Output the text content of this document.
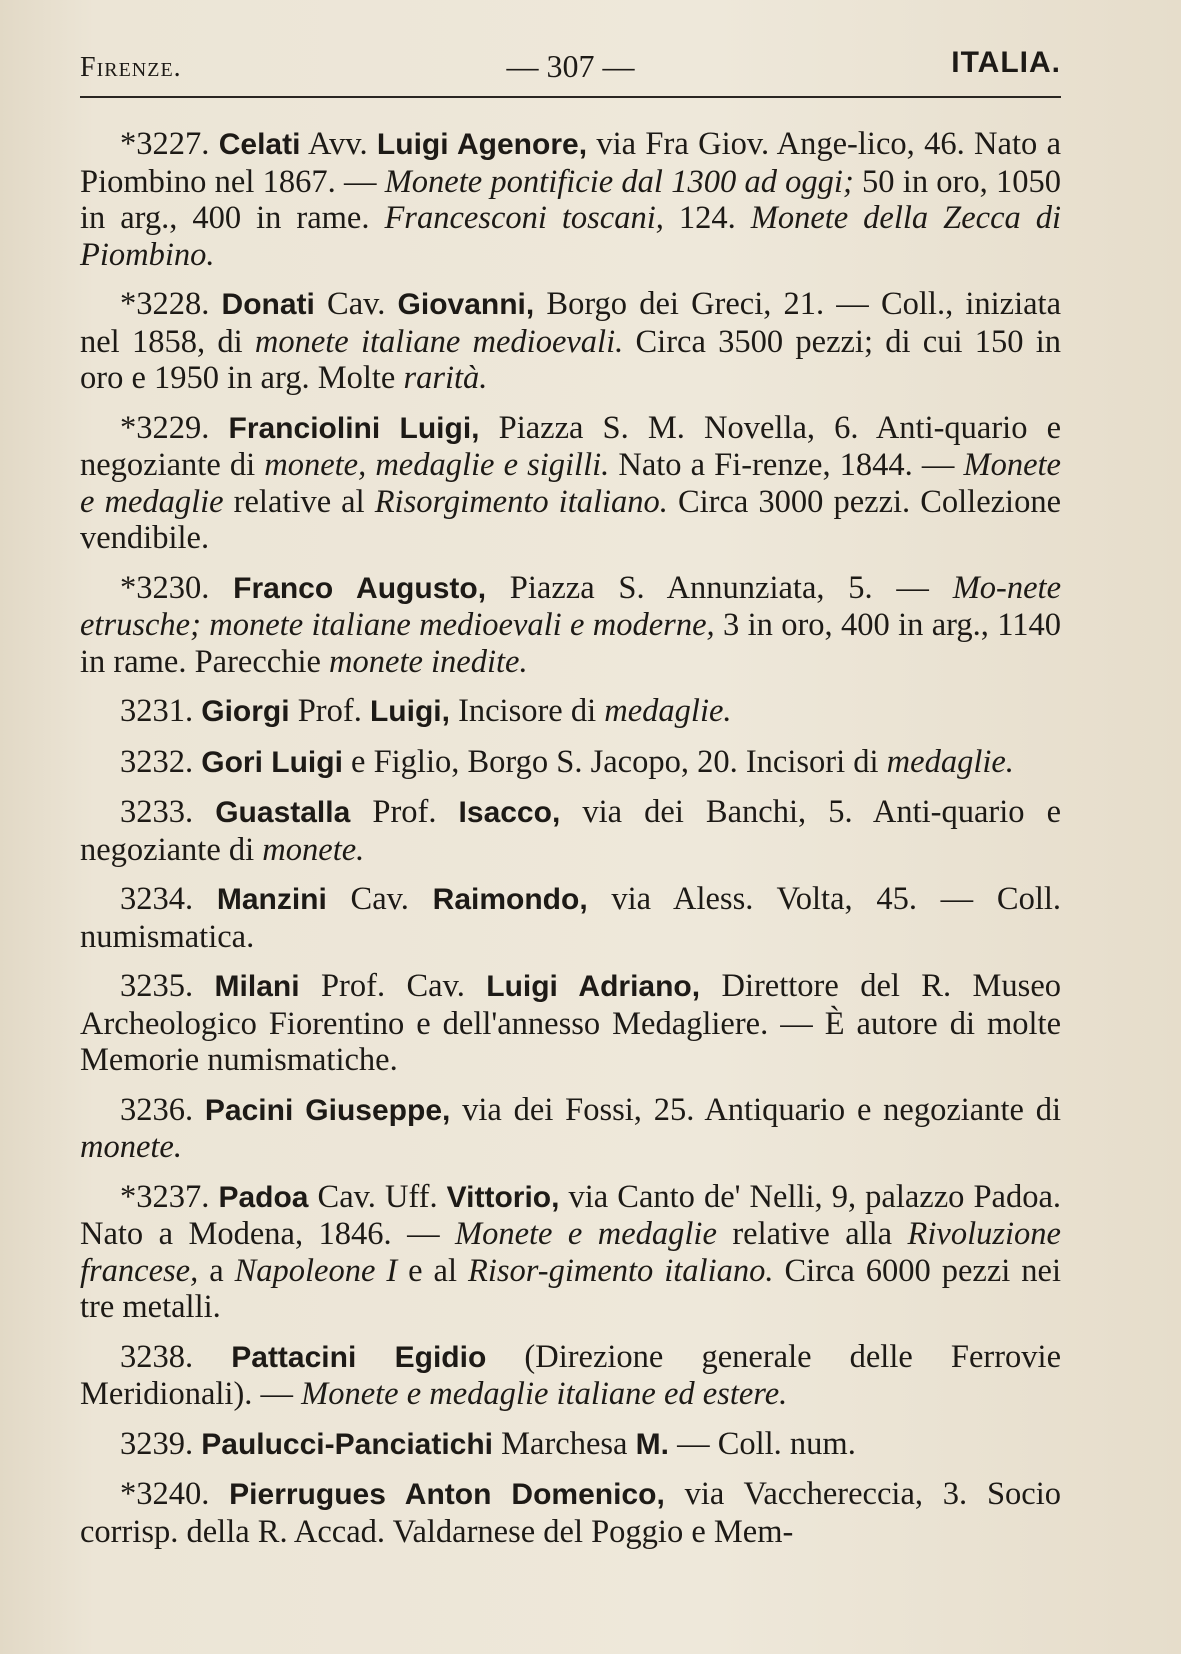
Firenze.	— 307 —	ITALIA.

*3227. Celati Avv. Luigi Agenore, via Fra Giov. Ange-lico, 46. Nato a Piombino nel 1867. — Monete pontificie dal 1300 ad oggi; 50 in oro, 1050 in arg., 400 in rame. Francesconi toscani, 124. Monete della Zecca di Piombino.

*3228. Donati Cav. Giovanni, Borgo dei Greci, 21. — Coll., iniziata nel 1858, di monete italiane medioevali. Circa 3500 pezzi; di cui 150 in oro e 1950 in arg. Molte rarità.

*3229. Franciolini Luigi, Piazza S. M. Novella, 6. Anti-quario e negoziante di monete, medaglie e sigilli. Nato a Fi-renze, 1844. — Monete e medaglie relative al Risorgimento italiano. Circa 3000 pezzi. Collezione vendibile.

*3230. Franco Augusto, Piazza S. Annunziata, 5. — Mo-nete etrusche; monete italiane medioevali e moderne, 3 in oro, 400 in arg., 1140 in rame. Parecchie monete inedite.

3231. Giorgi Prof. Luigi, Incisore di medaglie.

3232. Gori Luigi e Figlio, Borgo S. Jacopo, 20. Incisori di medaglie.

3233. Guastalla Prof. Isacco, via dei Banchi, 5. Anti-quario e negoziante di monete.

3234. Manzini Cav. Raimondo, via Aless. Volta, 45. — Coll. numismatica.

3235. Milani Prof. Cav. Luigi Adriano, Direttore del R. Museo Archeologico Fiorentino e dell'annesso Medagliere. — È autore di molte Memorie numismatiche.

3236. Pacini Giuseppe, via dei Fossi, 25. Antiquario e negoziante di monete.

*3237. Padoa Cav. Uff. Vittorio, via Canto de' Nelli, 9, palazzo Padoa. Nato a Modena, 1846. — Monete e medaglie relative alla Rivoluzione francese, a Napoleone I e al Risor-gimento italiano. Circa 6000 pezzi nei tre metalli.

3238. Pattacini Egidio (Direzione generale delle Ferrovie Meridionali). — Monete e medaglie italiane ed estere.

3239. Paulucci-Panciatichi Marchesa M. — Coll. num.

*3240. Pierrugues Anton Domenico, via Vacchereccia, 3. Socio corrisp. della R. Accad. Valdarnese del Poggio e Mem-
